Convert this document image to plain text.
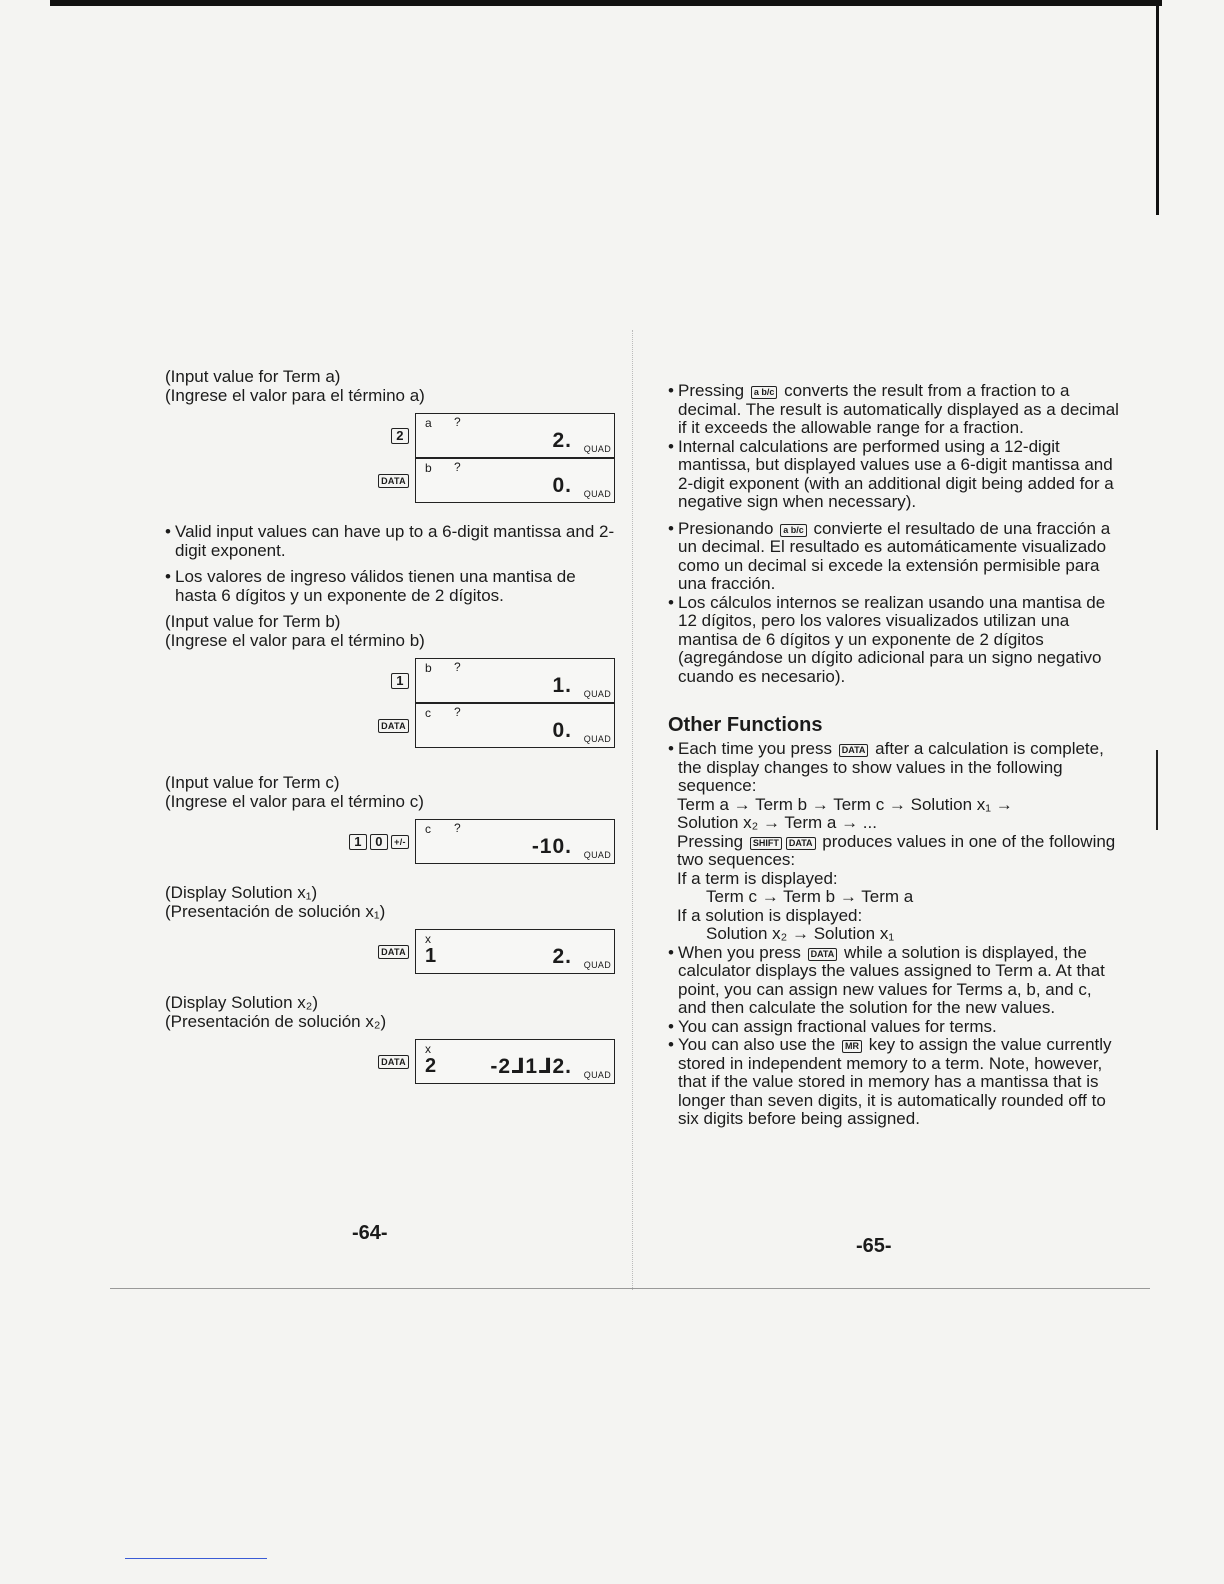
(Input value for Term a)

(Ingrese el valor para el término a)

2
a ?
2. QUAD
DATA
b ?
0. QUAD

• Valid input values can have up to a 6-digit mantissa and 2-digit exponent.

• Los valores de ingreso válidos tienen una mantisa de hasta 6 dígitos y un exponente de 2 dígitos.

(Input value for Term b)

(Ingrese el valor para el término b)

1
b ?
1. QUAD
DATA
c ?
0. QUAD

(Input value for Term c)

(Ingrese el valor para el término c)

1	0	+/-
c ?
-10. QUAD

(Display Solution x₁)

(Presentación de solución x₁)

DATA
x
1	2. QUAD

(Display Solution x₂)

(Presentación de solución x₂)

DATA
x
2	-2⅃1⅃2. QUAD
-64-

• Pressing a b/c converts the result from a fraction to a decimal. The result is automatically displayed as a decimal if it exceeds the allowable range for a fraction.

• Internal calculations are performed using a 12-digit mantissa, but displayed values use a 6-digit mantissa and 2-digit exponent (with an additional digit being added for a negative sign when necessary).

• Presionando a b/c convierte el resultado de una fracción a un decimal. El resultado es automáticamente visualizado como un decimal si excede la extensión permisible para una fracción.

• Los cálculos internos se realizan usando una mantisa de 12 dígitos, pero los valores visualizados utilizan una mantisa de 6 dígitos y un exponente de 2 dígitos (agregándose un dígito adicional para un signo negativo cuando es necesario).

Other Functions

• Each time you press DATA after a calculation is complete, the display changes to show values in the following sequence:

Term a → Term b → Term c → Solution x₁ →

Solution x₂ → Term a → ...

Pressing SHIFT DATA produces values in one of the following two sequences:

If a term is displayed:

Term c → Term b → Term a

If a solution is displayed:

Solution x₂ → Solution x₁

• When you press DATA while a solution is displayed, the calculator displays the values assigned to Term a. At that point, you can assign new values for Terms a, b, and c, and then calculate the solution for the new values.

• You can assign fractional values for terms.

• You can also use the MR key to assign the value currently stored in independent memory to a term. Note, however, that if the value stored in memory has a mantissa that is longer than seven digits, it is automatically rounded off to six digits before being assigned.

-65-
